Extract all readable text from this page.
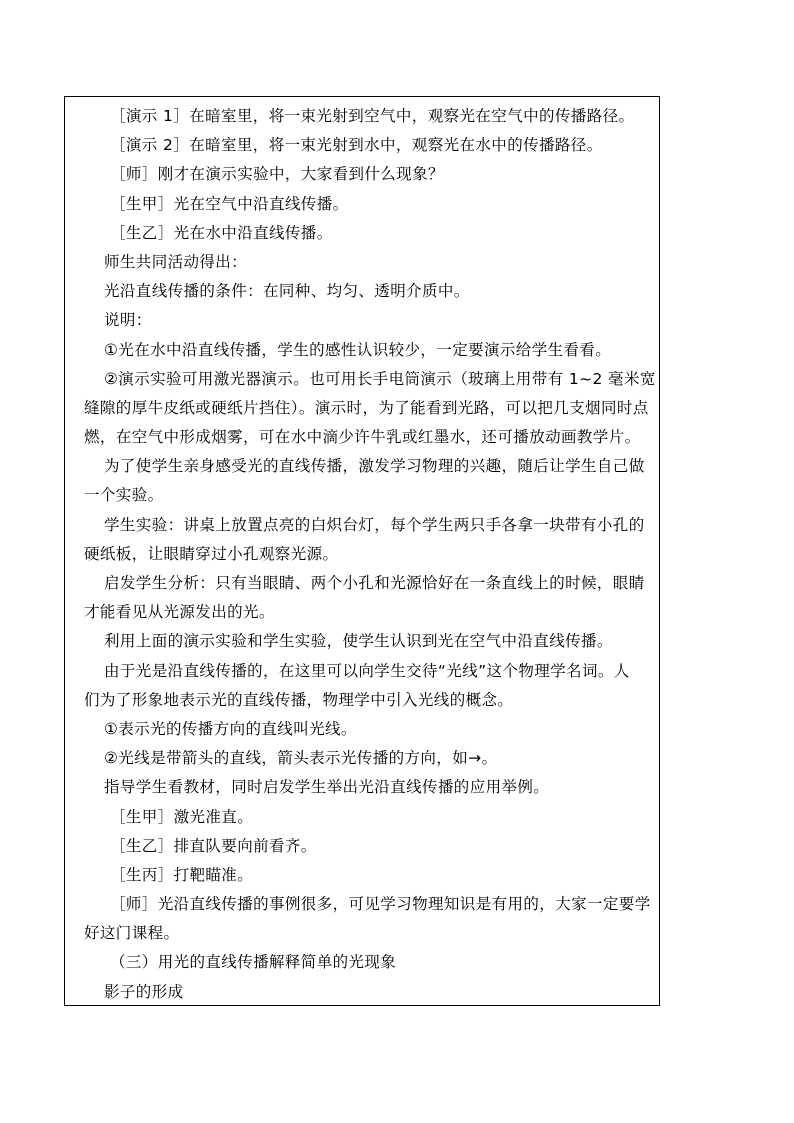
［演示 1］在暗室里，将一束光射到空气中，观察光在空气中的传播路径。
［演示 2］在暗室里，将一束光射到水中，观察光在水中的传播路径。
［师］刚才在演示实验中，大家看到什么现象？
［生甲］光在空气中沿直线传播。
［生乙］光在水中沿直线传播。
师生共同活动得出：
光沿直线传播的条件：在同种、均匀、透明介质中。
说明：
①光在水中沿直线传播，学生的感性认识较少，一定要演示给学生看看。
②演示实验可用激光器演示。也可用长手电筒演示（玻璃上用带有 1~2 毫米宽
缝隙的厚牛皮纸或硬纸片挡住）。演示时，为了能看到光路，可以把几支烟同时点
燃，在空气中形成烟雾，可在水中滴少许牛乳或红墨水，还可播放动画教学片。
为了使学生亲身感受光的直线传播，激发学习物理的兴趣，随后让学生自己做
一个实验。
学生实验：讲桌上放置点亮的白炽台灯，每个学生两只手各拿一块带有小孔的
硬纸板，让眼睛穿过小孔观察光源。
启发学生分析：只有当眼睛、两个小孔和光源恰好在一条直线上的时候，眼睛
才能看见从光源发出的光。
利用上面的演示实验和学生实验，使学生认识到光在空气中沿直线传播。
由于光是沿直线传播的，在这里可以向学生交待“光线”这个物理学名词。人
们为了形象地表示光的直线传播，物理学中引入光线的概念。
①表示光的传播方向的直线叫光线。
②光线是带箭头的直线，箭头表示光传播的方向，如→。
指导学生看教材，同时启发学生举出光沿直线传播的应用举例。
［生甲］激光准直。
［生乙］排直队要向前看齐。
［生丙］打靶瞄准。
［师］光沿直线传播的事例很多，可见学习物理知识是有用的，大家一定要学
好这门课程。
（三）用光的直线传播解释简单的光现象
影子的形成
